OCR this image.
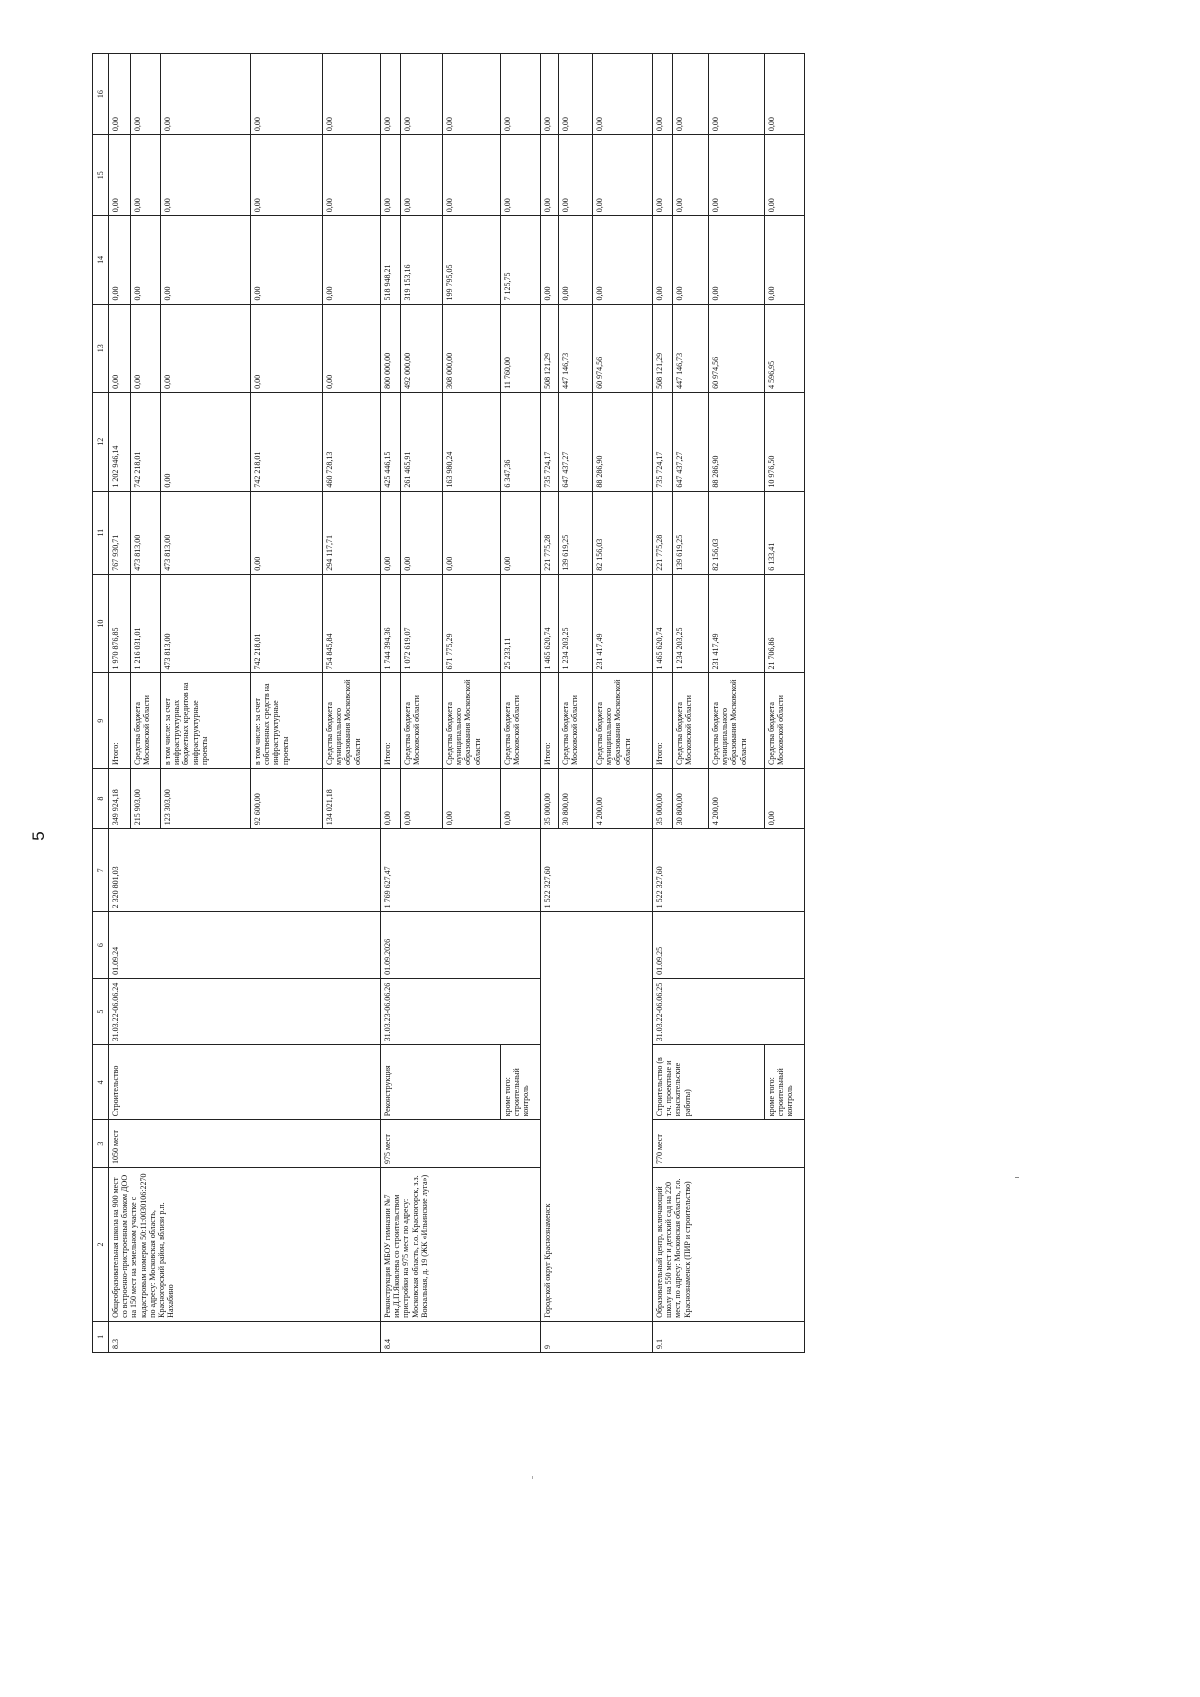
5
1	2	3	4	5	6	7	8	9	10	11	12	13	14	15	16
8.3	Общеобразовательная школа на 900 мест со встроенно-пристроенным блоком ДОО на 150 мест на земельном участке с кадастровым номером 50:11:0030106:2270 по адресу: Московская область, Красногорский район, вблизи р.п. Нахабино	1050 мест	Строительство	31.03.22-06.06.24	01.09.24	2 320 801,03	349 924,18	Итого:	1 970 876,85	767 930,71	1 202 946,14	0,00	0,00	0,00	0,00
							215 903,00	Средства бюджета Московской области	1 216 031,01	473 813,00	742 218,01	0,00	0,00	0,00	0,00
							123 303,00	в том числе: за счет инфраструктурных бюджетных кредитов на инфраструктурные проекты	473 813,00	473 813,00	0,00	0,00	0,00	0,00	0,00
							92 600,00	в том числе: за счет собственных средств на инфраструктурные проекты	742 218,01	0,00	742 218,01	0,00	0,00	0,00	0,00
							134 021,18	Средства бюджета муниципального образования Московской области	754 845,84	294 117,71	460 728,13	0,00	0,00	0,00	0,00
8.4	Реконструкция МБОУ гимназии №7 им.Д.П.Яковлева со строительством пристройки на 975 мест по адресу: Московская область, г.о. Красногорск, з.з. Вокзальная, д. 19 (ЖК «Ильинские луга»)	975 мест	Реконструкция	31.03.23-06.06.26	01.09.2026	1 769 627,47	0,00	Итого:	1 744 394,36	0,00	425 446,15	800 000,00	518 948,21	0,00	0,00
							0,00	Средства бюджета Московской области	1 072 619,07	0,00	261 465,91	492 000,00	319 153,16	0,00	0,00
							0,00	Средства бюджета муниципального образования Московской области	671 775,29	0,00	163 980,24	308 000,00	199 795,05	0,00	0,00
			кроме того: строительный контроль				0,00	Средства бюджета Московской области	25 233,11	0,00	6 347,36	11 760,00	7 125,75	0,00	0,00
9	Городской округ Краснознаменск					1 522 327,60	35 000,00	Итого:	1 465 620,74	221 775,28	735 724,17	508 121,29	0,00	0,00	0,00
							30 800,00	Средства бюджета Московской области	1 234 203,25	139 619,25	647 437,27	447 146,73	0,00	0,00	0,00
							4 200,00	Средства бюджета муниципального образования Московской области	231 417,49	82 156,03	88 286,90	60 974,56	0,00	0,00	0,00
9.1	Образовательный центр, включающий школу на 550 мест и детский сад на 220 мест, по адресу: Московская область, г.о. Краснознаменск (ПИР и строительство)	770 мест	Строительство (в т.ч. проектные и изыскательские работы)	31.03.22-06.06.25	01.09.25	1 522 327,60	35 000,00	Итого:	1 465 620,74	221 775,28	735 724,17	508 121,29	0,00	0,00	0,00
							30 800,00	Средства бюджета Московской области	1 234 203,25	139 619,25	647 437,27	447 146,73	0,00	0,00	0,00
							4 200,00	Средства бюджета муниципального образования Московской области	231 417,49	82 156,03	88 286,90	60 974,56	0,00	0,00	0,00
			кроме того: строительный контроль				0,00	Средства бюджета Московской области	21 706,86	6 133,41	10 976,50	4 596,95	0,00	0,00	0,00
